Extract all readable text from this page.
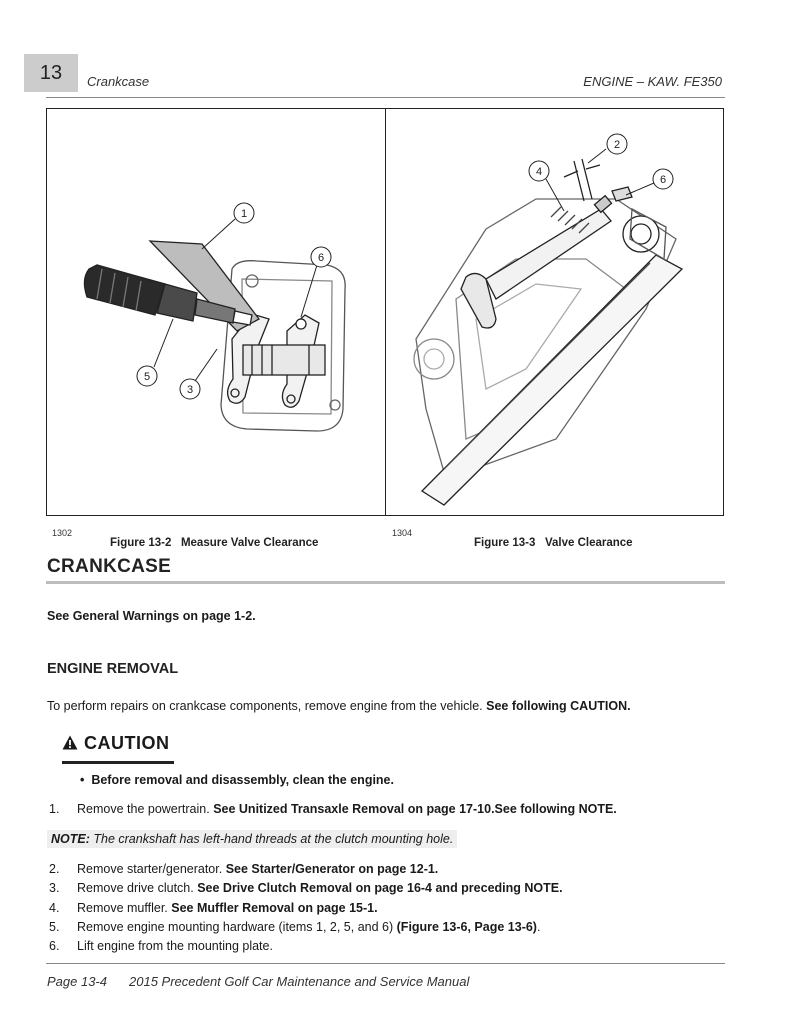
13	Crankcase	ENGINE – KAW. FE350
1
6
5
3
2
4
6
1302
Figure 13-2 Measure Valve Clearance
1304
Figure 13-3 Valve Clearance
CRANKCASE
See General Warnings on page 1-2.
ENGINE REMOVAL
To perform repairs on crankcase components, remove engine from the vehicle. See following CAUTION.
CAUTION
•  Before removal and disassembly, clean the engine.
1. Remove the powertrain. See Unitized Transaxle Removal on page 17-10.See following NOTE.
NOTE: The crankshaft has left-hand threads at the clutch mounting hole.
2. Remove starter/generator. See Starter/Generator on page 12-1.
3. Remove drive clutch. See Drive Clutch Removal on page 16-4 and preceding NOTE.
4. Remove muffler. See Muffler Removal on page 15-1.
5. Remove engine mounting hardware (items 1, 2, 5, and 6) (Figure 13-6, Page 13-6).
6. Lift engine from the mounting plate.
Page 13-4 2015 Precedent Golf Car Maintenance and Service Manual
